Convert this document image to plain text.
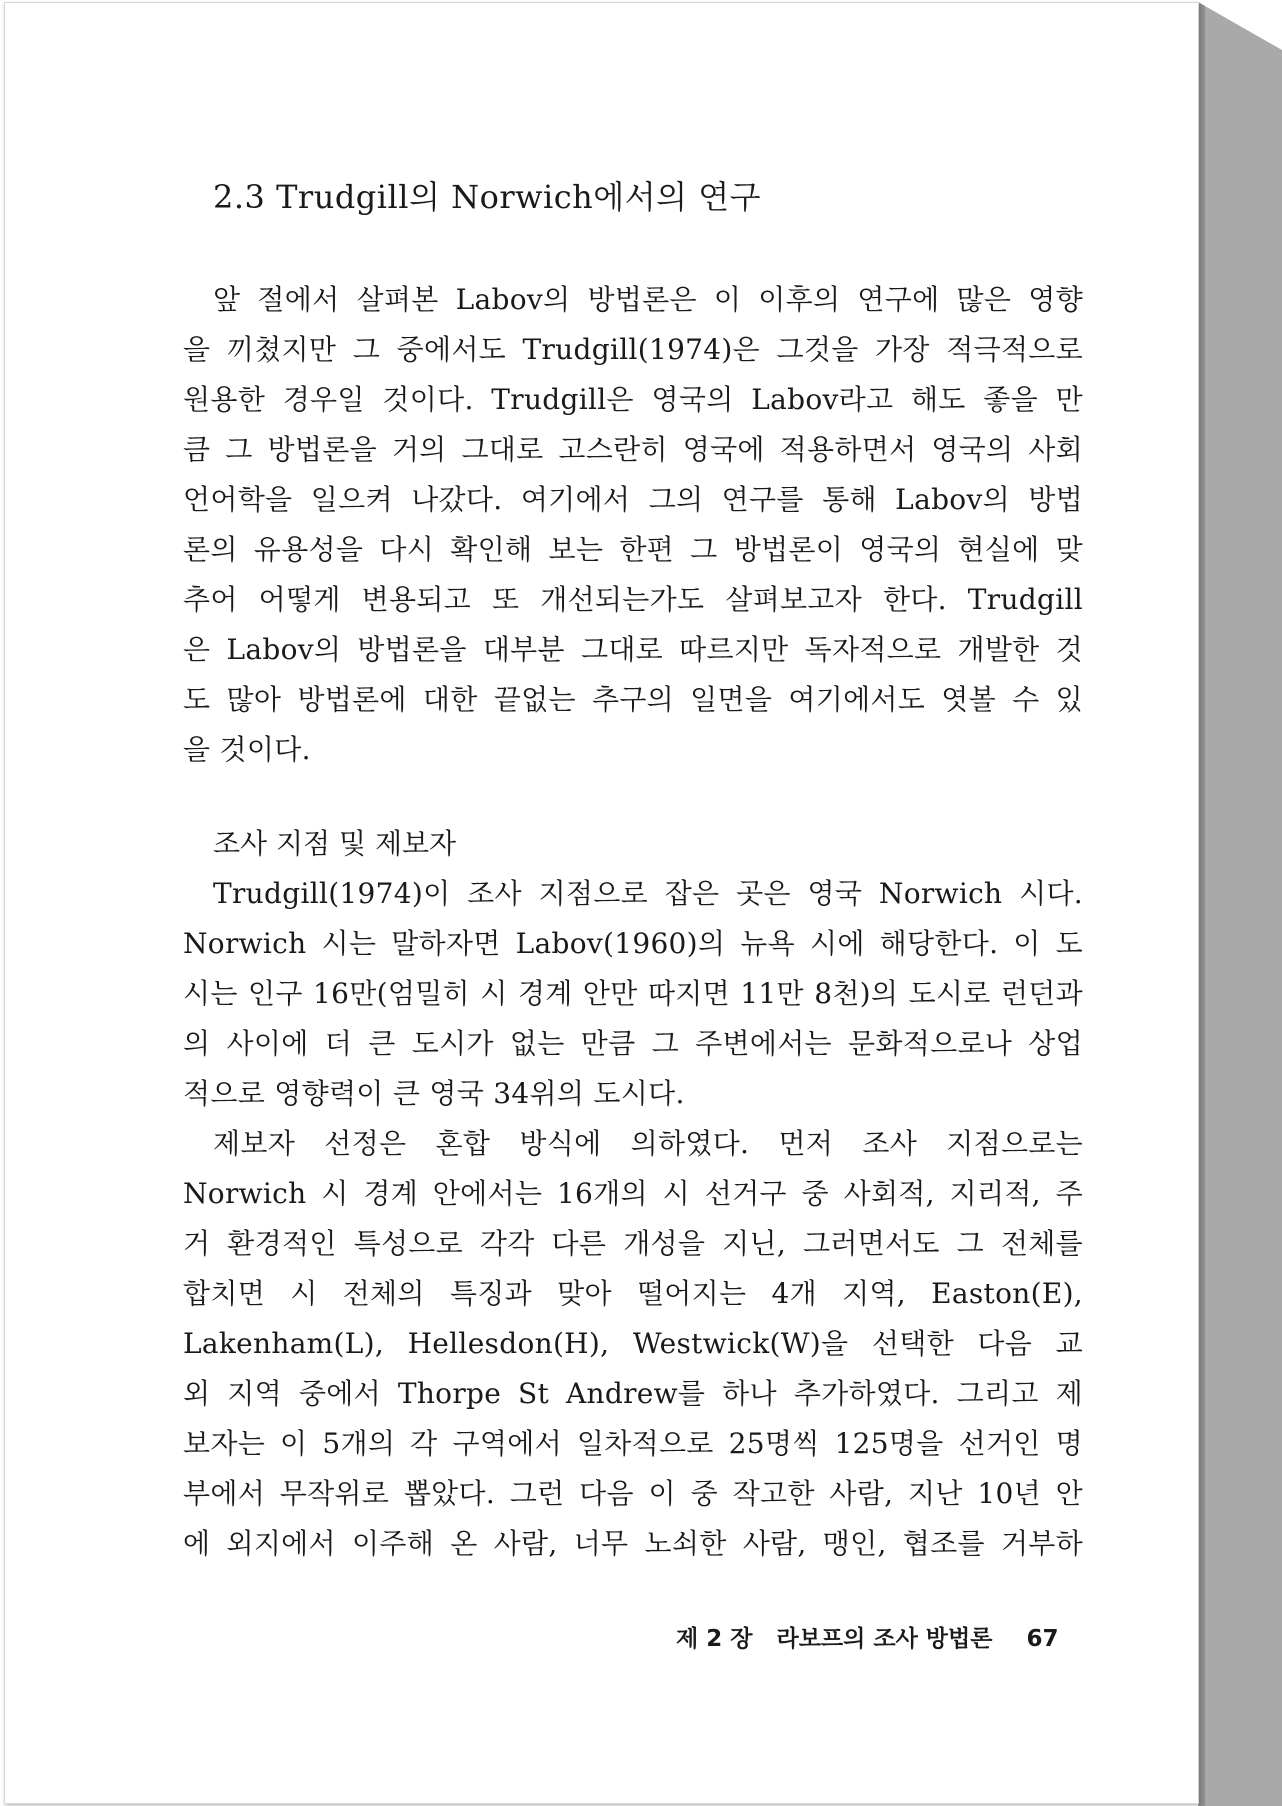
2.3 Trudgill의 Norwich에서의 연구
앞 절에서 살펴본 Labov의 방법론은 이 이후의 연구에 많은 영향
을 끼쳤지만 그 중에서도 Trudgill(1974)은 그것을 가장 적극적으로
원용한 경우일 것이다. Trudgill은 영국의 Labov라고 해도 좋을 만
큼 그 방법론을 거의 그대로 고스란히 영국에 적용하면서 영국의 사회
언어학을 일으켜 나갔다. 여기에서 그의 연구를 통해 Labov의 방법
론의 유용성을 다시 확인해 보는 한편 그 방법론이 영국의 현실에 맞
추어 어떻게 변용되고 또 개선되는가도 살펴보고자 한다. Trudgill
은 Labov의 방법론을 대부분 그대로 따르지만 독자적으로 개발한 것
도 많아 방법론에 대한 끝없는 추구의 일면을 여기에서도 엿볼 수 있
을 것이다.
조사 지점 및 제보자
Trudgill(1974)이 조사 지점으로 잡은 곳은 영국 Norwich 시다.
Norwich 시는 말하자면 Labov(1960)의 뉴욕 시에 해당한다. 이 도
시는 인구 16만(엄밀히 시 경계 안만 따지면 11만 8천)의 도시로 런던과
의 사이에 더 큰 도시가 없는 만큼 그 주변에서는 문화적으로나 상업
적으로 영향력이 큰 영국 34위의 도시다.
제보자 선정은 혼합 방식에 의하였다. 먼저 조사 지점으로는
Norwich 시 경계 안에서는 16개의 시 선거구 중 사회적, 지리적, 주
거 환경적인 특성으로 각각 다른 개성을 지닌, 그러면서도 그 전체를
합치면 시 전체의 특징과 맞아 떨어지는 4개 지역, Easton(E),
Lakenham(L), Hellesdon(H), Westwick(W)을 선택한 다음 교
외 지역 중에서 Thorpe St Andrew를 하나 추가하였다. 그리고 제
보자는 이 5개의 각 구역에서 일차적으로 25명씩 125명을 선거인 명
부에서 무작위로 뽑았다. 그런 다음 이 중 작고한 사람, 지난 10년 안
에 외지에서 이주해 온 사람, 너무 노쇠한 사람, 맹인, 협조를 거부하
제 2 장 라보프의 조사 방법론 67
